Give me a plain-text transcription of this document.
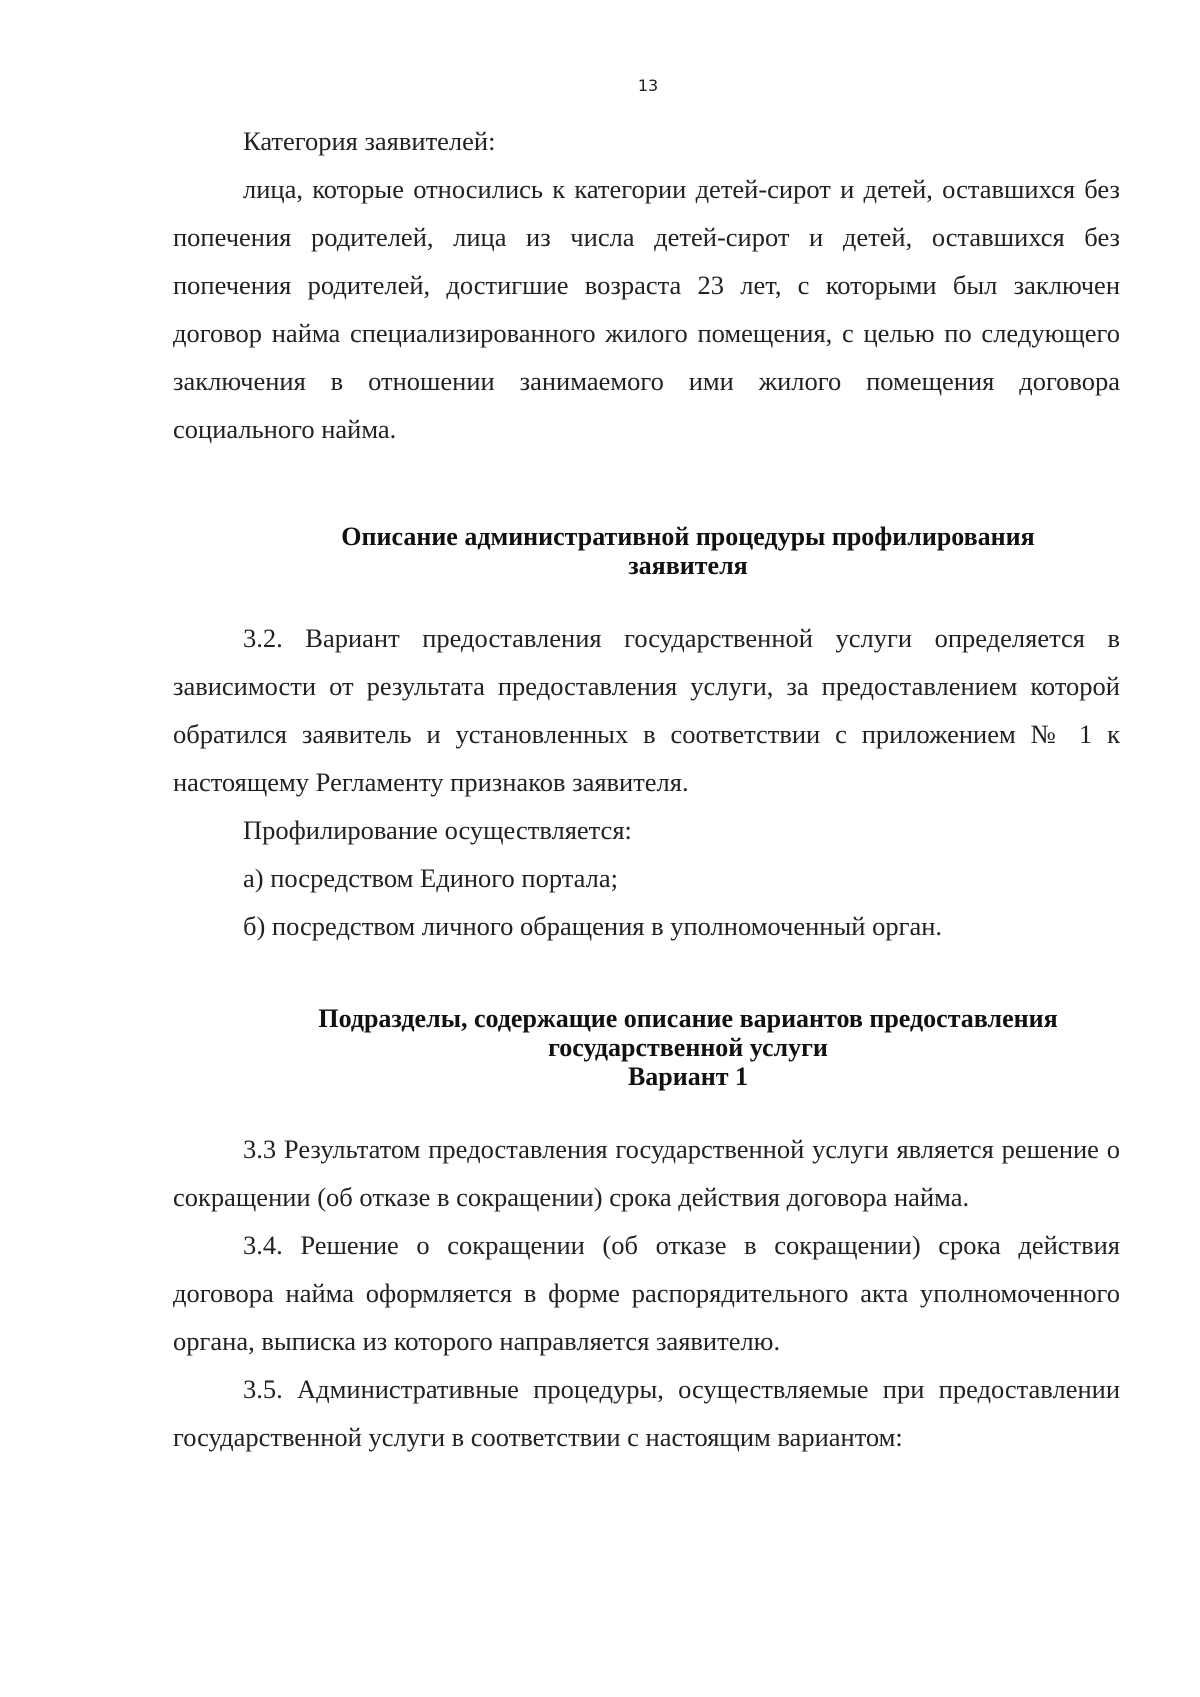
13

Категория заявителей:

лица, которые относились к категории детей-сирот и детей, оставшихся без попечения родителей, лица из числа детей-сирот и детей, оставшихся без попечения родителей, достигшие возраста 23 лет, с которыми был заключен договор найма специализированного жилого помещения, с целью по следующего заключения в отношении занимаемого ими жилого помещения договора социального найма.

Описание административной процедуры профилирования
заявителя

3.2. Вариант предоставления государственной услуги определяется в зависимости от результата предоставления услуги, за предоставлением которой обратился заявитель и установленных в соответствии с приложением № 1 к настоящему Регламенту признаков заявителя.

Профилирование осуществляется:

а) посредством Единого портала;

б) посредством личного обращения в уполномоченный орган.

Подразделы, содержащие описание вариантов предоставления
государственной услуги
Вариант 1

3.3 Результатом предоставления государственной услуги является решение о сокращении (об отказе в сокращении) срока действия договора найма.

3.4. Решение о сокращении (об отказе в сокращении) срока действия договора найма оформляется в форме распорядительного акта уполномоченного органа, выписка из которого направляется заявителю.

3.5. Административные процедуры, осуществляемые при предоставлении государственной услуги в соответствии с настоящим вариантом:
